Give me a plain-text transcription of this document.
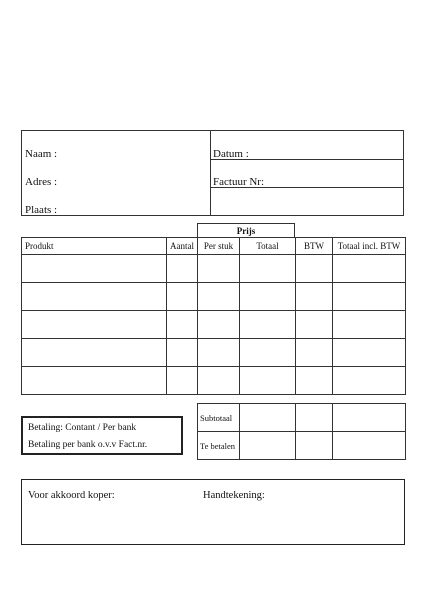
Naam :
Adres :
Plaats :
Datum :
Factuur Nr:
Prijs
Produkt	Aantal	Per stuk	Totaal	BTW	Totaal incl. BTW

Betaling: Contant / Per bank
Betaling per bank o.v.v Fact.nr.
Subtotaal			
Te betalen			
Voor akkoord koper:	Handtekening:
